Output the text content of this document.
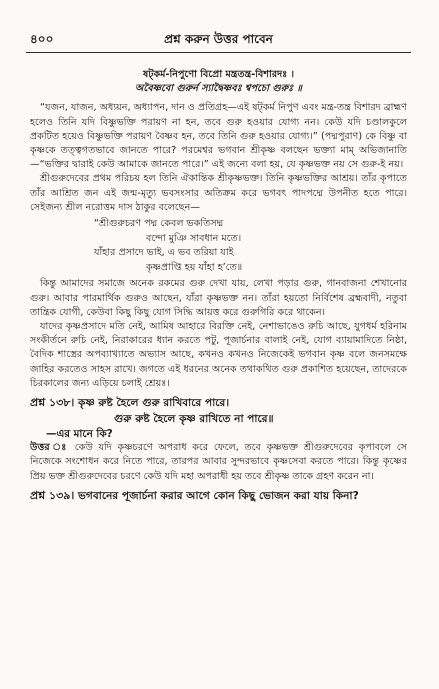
৪০০	প্রশ্ন করুন উত্তর পাবেন

ষট্‌কর্ম-নিপুণো বিপ্রো মন্ত্রতন্ত্র-বিশারদঃ ।

অবৈষ্ণবো গুরুর্ন স্যাদ্বৈষ্ণবঃ শ্বপচো গুরুঃ ॥

“যজন, যাজন, অধ্যয়ন, অধ্যাপন, দান ও প্রতিগ্রহ—এই ষট্‌কর্ম নিপুণ এবং মন্ত্র-তন্ত্র বিশারদ ব্রাহ্মণ হলেও তিনি যদি বিষ্ণুভক্তি পরায়ণ না হন, তবে গুরু হওয়ার যোগ্য নন। কেউ যদি চণ্ডালকুলে প্রকটিত হয়েও বিষ্ণুভক্তি পরায়ণ বৈষ্ণব হন, তবে তিনি গুরু হওয়ার যোগ্য।” (পদ্মপুরাণ) কে বিষ্ণু বা কৃষ্ণকে তত্ত্বগতভাবে জানতে পারে? পরমেশ্বর ভগবান শ্রীকৃষ্ণ বলছেন ভক্ত্যা মাম্ অভিজানাতি—“ভক্তির দ্বারাই কেউ আমাকে জানতে পারে।” এই জন্যে বলা হয়, যে কৃষ্ণভক্ত নয় সে গুরু-ই নয়।

শ্রীগুরুদেবের প্রথম পরিচয় হল তিনি ঐকান্তিক শ্রীকৃষ্ণভক্ত। তিনি কৃষ্ণভক্তির আশ্রয়। তাঁর কৃপাতে তাঁর আশ্রিত জন এই জন্ম-মৃত্যু ভবসংসার অতিক্রম করে ভগবৎ পাদপদ্মে উপনীত হতে পারে। সেইজন্য শ্রীল নরোত্তম দাস ঠাকুর বলেছেন—

“শ্রীগুরুচরণ পদ্ম কেবল ভকতিসদ্ম
বন্দো মুঞি সাবধান মতে।
যাঁহার প্রসাদে ভাই, এ ভব তরিয়া যাই
কৃষ্ণপ্রাপ্তি হয় যাঁহা হ’তে॥

কিন্তু আমাদের সমাজে অনেক রকমের গুরু দেখা যায়, লেখা পড়ার গুরু, গানবাজনা শেখানোর গুরু। আবার পারমার্থিক গুরুও আছেন, যাঁরা কৃষ্ণভক্ত নন। তাঁরা হয়তো নির্বিশেষ ব্রহ্মবাদী, নতুবা তান্ত্রিক যোগী, কেউবা কিছু কিছু যোগ সিদ্ধি আয়ত্ত করে গুরুগিরি করে থাকেন।

যাদের কৃষ্ণপ্রসাদে মতি নেই, আমিষ আহারে বিরক্তি নেই, নেশাভাঙেও রুচি আছে, যুগধর্ম হরিনাম সংকীর্তনে রুচি নেই, নিরাকারের ধ্যান করতে পটু, পূজার্চনার বালাই নেই, যোগ ব্যায়ামাদিতে নিষ্ঠা, বৈদিক শাস্ত্রের অপব্যাখ্যাতে অভ্যাস আছে, কখনও কখনও নিজেকেই ভগবান কৃষ্ণ বলে জনসমক্ষে জাহির করতেও সাহস রাখে। জগতে এই ধরনের অনেক তথাকথিত গুরু প্রকাশিত হয়েছেন, তাদেরকে চিরকালের জন্য এড়িয়ে চলাই শ্রেয়ঃ।

প্রশ্ন ১৩৮। কৃষ্ণ রুষ্ট হৈলে গুরু রাখিবারে পারে।
গুরু রুষ্ট হৈলে কৃষ্ণ রাখিতে না পারে॥

—এর মানে কি?

উত্তর ঃ কেউ যদি কৃষ্ণচরণে অপরাধ করে ফেলে, তবে কৃষ্ণভক্ত শ্রীগুরুদেবের কৃপাবলে সে নিজেকে সংশোধন করে নিতে পারে, তারপর আবার সুন্দরভাবে কৃষ্ণসেবা করতে পারে। কিন্তু কৃষ্ণের প্রিয় ভক্ত শ্রীগুরুদেবের চরণে কেউ যদি মহা অপরাধী হয় তবে শ্রীকৃষ্ণ তাকে গ্রহণ করেন না।

প্রশ্ন ১৩৯। ভগবানের পূজার্চনা করার আগে কোন কিছু ভোজন করা যায় কিনা?
